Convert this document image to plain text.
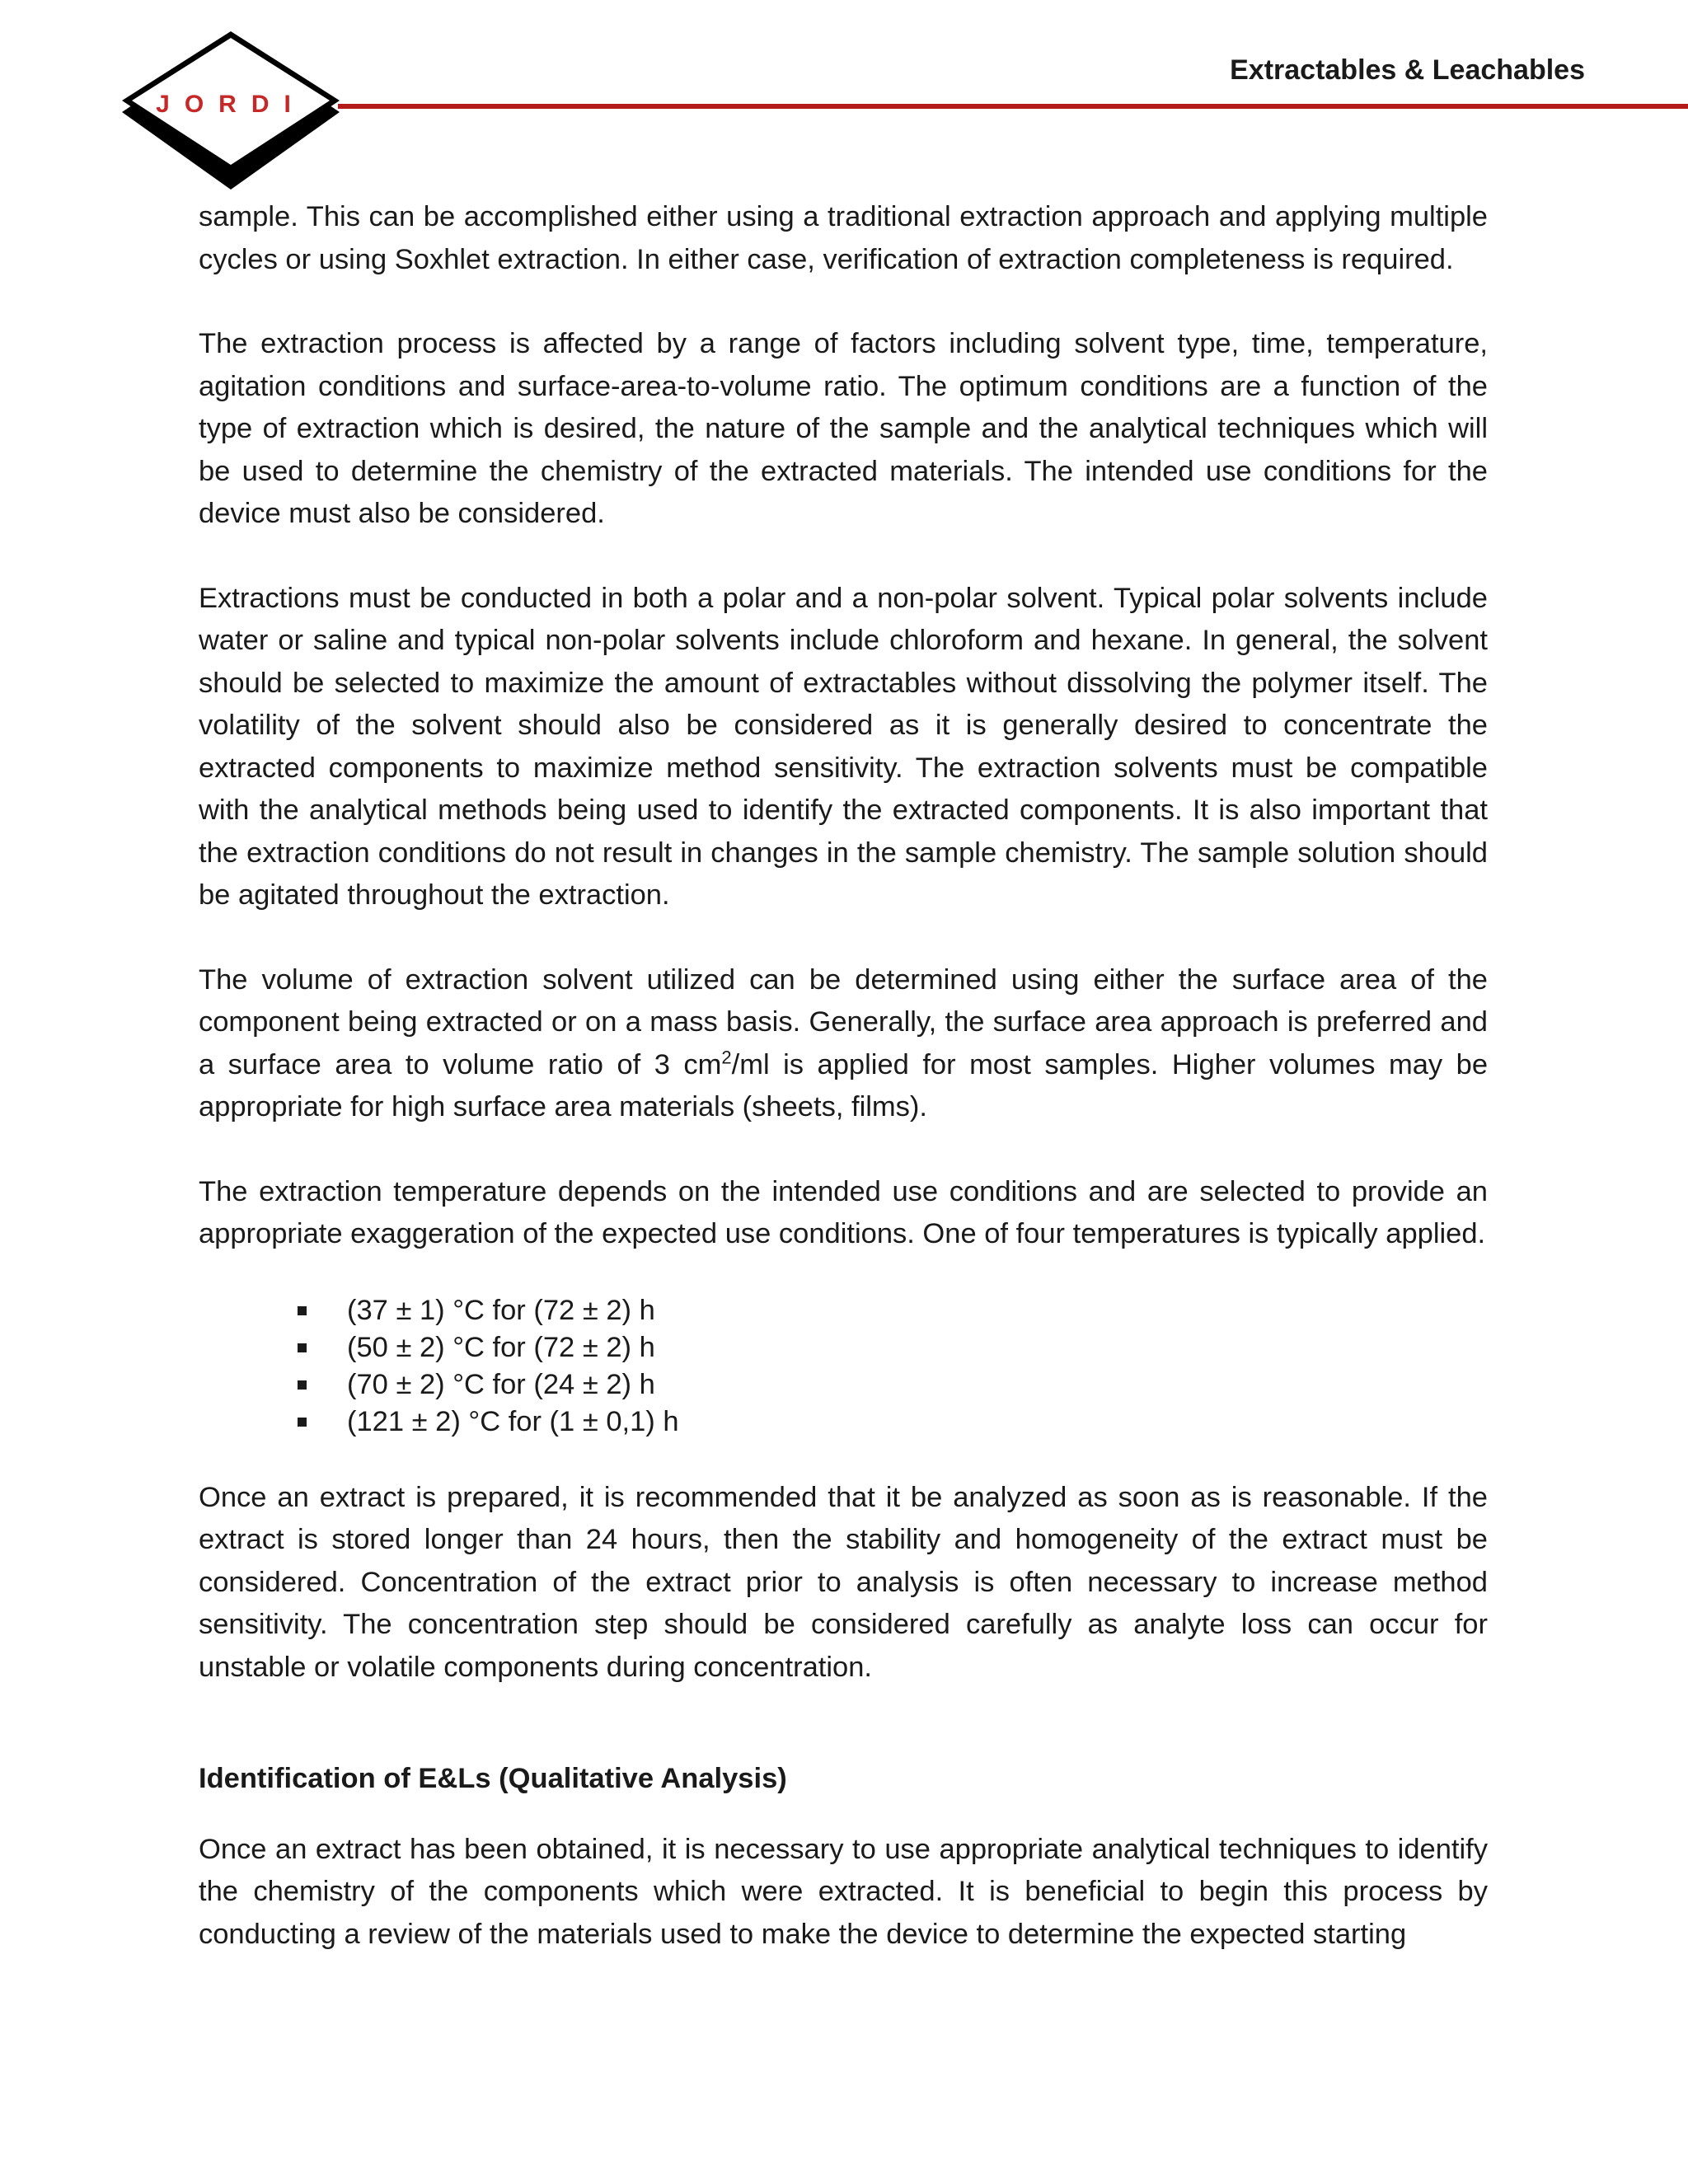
Extractables & Leachables
JORDI

sample. This can be accomplished either using a traditional extraction approach and applying multiple cycles or using Soxhlet extraction. In either case, verification of extraction completeness is required.

The extraction process is affected by a range of factors including solvent type, time, temperature, agitation conditions and surface-area-to-volume ratio. The optimum conditions are a function of the type of extraction which is desired, the nature of the sample and the analytical techniques which will be used to determine the chemistry of the extracted materials. The intended use conditions for the device must also be considered.

Extractions must be conducted in both a polar and a non-polar solvent. Typical polar solvents include water or saline and typical non-polar solvents include chloroform and hexane. In general, the solvent should be selected to maximize the amount of extractables without dissolving the polymer itself. The volatility of the solvent should also be considered as it is generally desired to concentrate the extracted components to maximize method sensitivity. The extraction solvents must be compatible with the analytical methods being used to identify the extracted components. It is also important that the extraction conditions do not result in changes in the sample chemistry. The sample solution should be agitated throughout the extraction.

The volume of extraction solvent utilized can be determined using either the surface area of the component being extracted or on a mass basis. Generally, the surface area approach is preferred and a surface area to volume ratio of 3 $cm^2/ml$ is applied for most samples. Higher volumes may be appropriate for high surface area materials (sheets, films).

The extraction temperature depends on the intended use conditions and are selected to provide an appropriate exaggeration of the expected use conditions. One of four temperatures is typically applied.

(37 ± 1) °C for (72 ± 2) h
(50 ± 2) °C for (72 ± 2) h
(70 ± 2) °C for (24 ± 2) h
(121 ± 2) °C for (1 ± 0,1) h

Once an extract is prepared, it is recommended that it be analyzed as soon as is reasonable. If the extract is stored longer than 24 hours, then the stability and homogeneity of the extract must be considered. Concentration of the extract prior to analysis is often necessary to increase method sensitivity. The concentration step should be considered carefully as analyte loss can occur for unstable or volatile components during concentration.

Identification of E&Ls (Qualitative Analysis)

Once an extract has been obtained, it is necessary to use appropriate analytical techniques to identify the chemistry of the components which were extracted. It is beneficial to begin this process by conducting a review of the materials used to make the device to determine the expected starting
